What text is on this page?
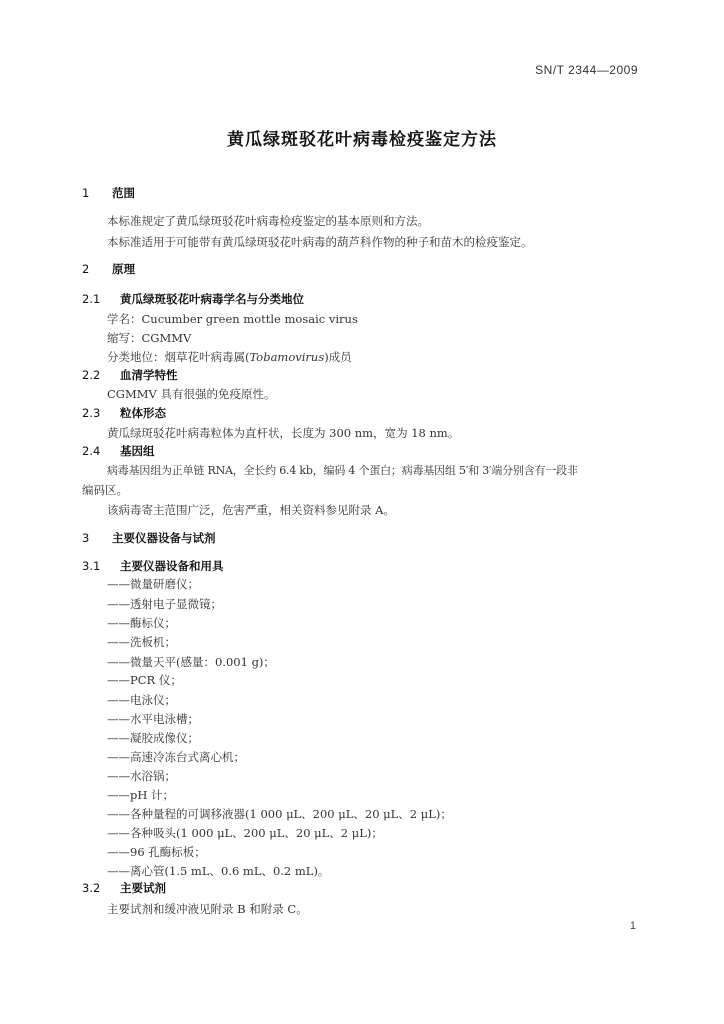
SN/T 2344—2009
黄瓜绿斑驳花叶病毒检疫鉴定方法
1 范围
本标准规定了黄瓜绿斑驳花叶病毒检疫鉴定的基本原则和方法。
本标准适用于可能带有黄瓜绿斑驳花叶病毒的葫芦科作物的种子和苗木的检疫鉴定。
2 原理
2.1 黄瓜绿斑驳花叶病毒学名与分类地位
学名：Cucumber green mottle mosaic virus
缩写：CGMMV
分类地位：烟草花叶病毒属(Tobamovirus)成员
2.2 血清学特性
CGMMV 具有很强的免疫原性。
2.3 粒体形态
黄瓜绿斑驳花叶病毒粒体为直杆状，长度为 300 nm，宽为 18 nm。
2.4 基因组
病毒基因组为正单链 RNA，全长约 6.4 kb，编码 4 个蛋白；病毒基因组 5′和 3′端分别含有一段非
编码区。
该病毒寄主范围广泛，危害严重，相关资料参见附录 A。
3 主要仪器设备与试剂
3.1 主要仪器设备和用具
——微量研磨仪；
——透射电子显微镜；
——酶标仪；
——洗板机；
——微量天平(感量：0.001 g)；
——PCR 仪；
——电泳仪；
——水平电泳槽；
——凝胶成像仪；
——高速冷冻台式离心机；
——水浴锅；
——pH 计；
——各种量程的可调移液器(1 000 μL、200 μL、20 μL、2 μL)；
——各种吸头(1 000 μL、200 μL、20 μL、2 μL)；
——96 孔酶标板；
——离心管(1.5 mL、0.6 mL、0.2 mL)。
3.2 主要试剂
主要试剂和缓冲液见附录 B 和附录 C。
1
